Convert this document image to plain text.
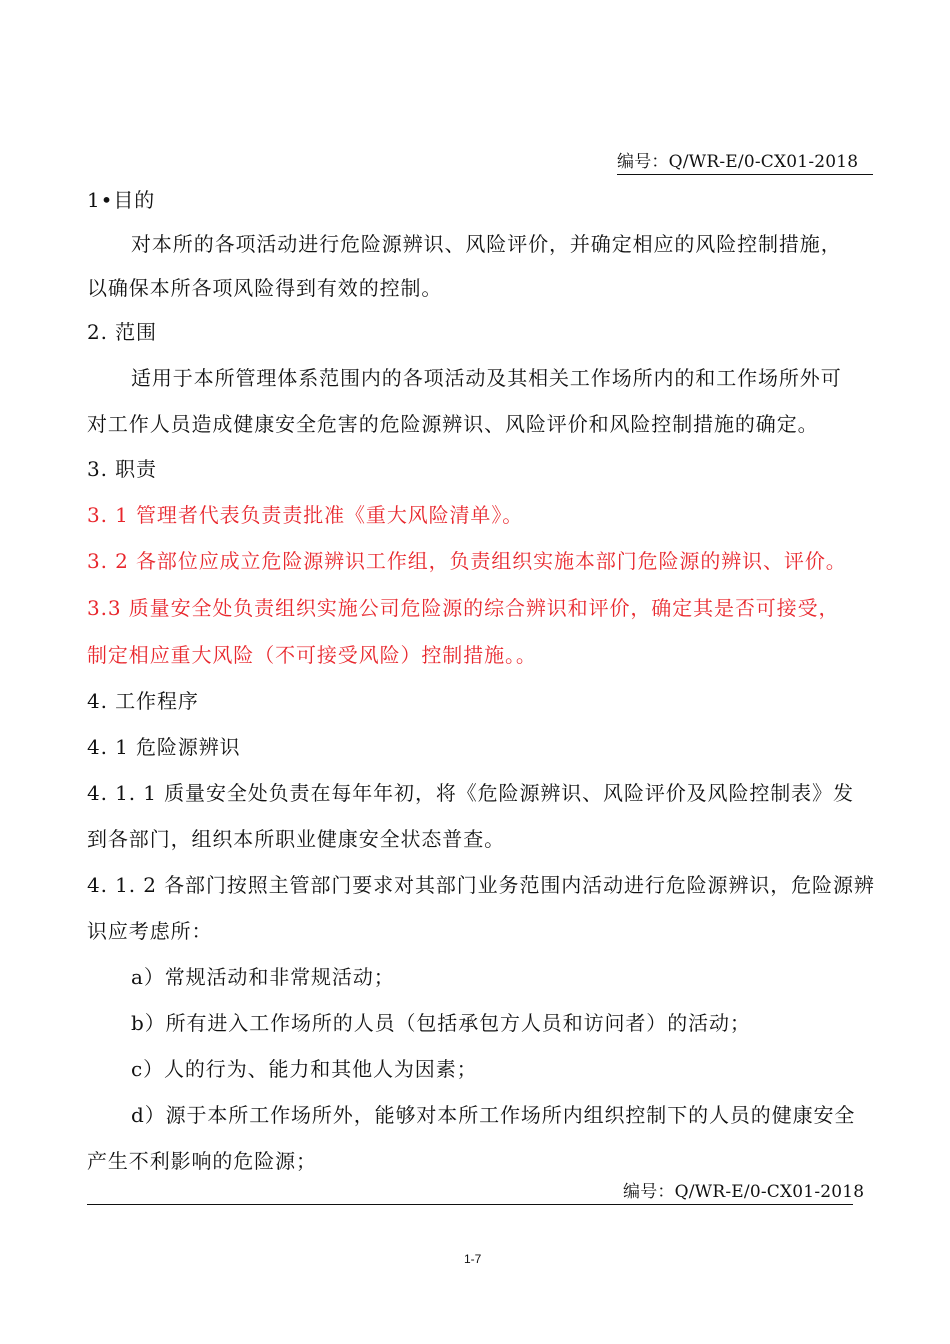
编号：Q/WR-E/0-CX01-2018
1•目的
对本所的各项活动进行危险源辨识、风险评价，并确定相应的风险控制措施，
以确保本所各项风险得到有效的控制。
2. 范围
适用于本所管理体系范围内的各项活动及其相关工作场所内的和工作场所外可
对工作人员造成健康安全危害的危险源辨识、风险评价和风险控制措施的确定。
3. 职责
3. 1 管理者代表负责责批准《重大风险清单》。
3. 2 各部位应成立危险源辨识工作组，负责组织实施本部门危险源的辨识、评价。
3.3 质量安全处负责组织实施公司危险源的综合辨识和评价，确定其是否可接受，
制定相应重大风险（不可接受风险）控制措施。。
4. 工作程序
4. 1 危险源辨识
4. 1. 1 质量安全处负责在每年年初，将《危险源辨识、风险评价及风险控制表》发
到各部门，组织本所职业健康安全状态普查。
4. 1. 2 各部门按照主管部门要求对其部门业务范围内活动进行危险源辨识，危险源辨
识应考虑所：
a）常规活动和非常规活动；
b）所有进入工作场所的人员（包括承包方人员和访问者）的活动；
c）人的行为、能力和其他人为因素；
d）源于本所工作场所外，能够对本所工作场所内组织控制下的人员的健康安全
产生不利影响的危险源；
编号：Q/WR-E/0-CX01-2018
1-7
